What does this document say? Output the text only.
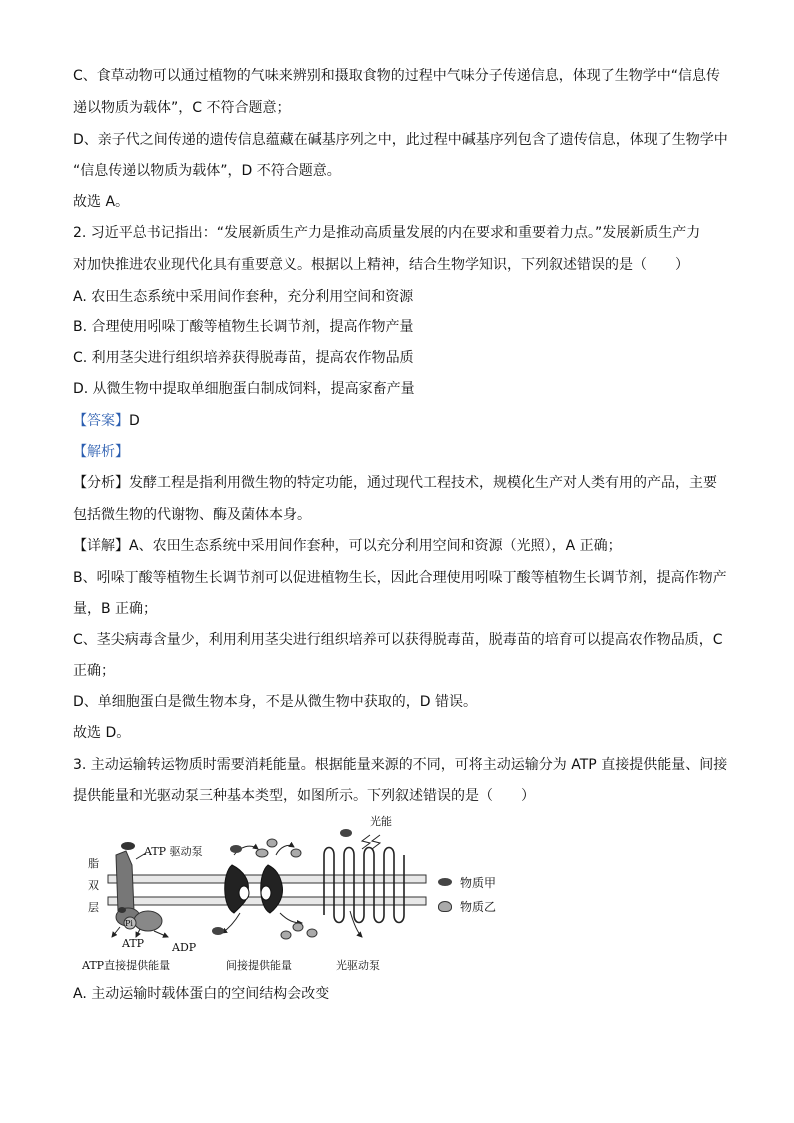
C、食草动物可以通过植物的气味来辨别和摄取食物的过程中气味分子传递信息，体现了生物学中“信息传
递以物质为载体”，C 不符合题意；
D、亲子代之间传递的遗传信息蕴藏在碱基序列之中，此过程中碱基序列包含了遗传信息，体现了生物学中
“信息传递以物质为载体”，D 不符合题意。
故选 A。
2. 习近平总书记指出：“发展新质生产力是推动高质量发展的内在要求和重要着力点。”发展新质生产力
对加快推进农业现代化具有重要意义。根据以上精神，结合生物学知识，下列叙述错误的是（　　）
A. 农田生态系统中采用间作套种，充分利用空间和资源
B. 合理使用吲哚丁酸等植物生长调节剂，提高作物产量
C. 利用茎尖进行组织培养获得脱毒苗，提高农作物品质
D. 从微生物中提取单细胞蛋白制成饲料，提高家畜产量
【答案】D
【解析】
【分析】发酵工程是指利用微生物的特定功能，通过现代工程技术，规模化生产对人类有用的产品，主要
包括微生物的代谢物、酶及菌体本身。
【详解】A、农田生态系统中采用间作套种，可以充分利用空间和资源（光照），A 正确；
B、吲哚丁酸等植物生长调节剂可以促进植物生长，因此合理使用吲哚丁酸等植物生长调节剂，提高作物产
量，B 正确；
C、茎尖病毒含量少，利用利用茎尖进行组织培养可以获得脱毒苗，脱毒苗的培育可以提高农作物品质，C
正确；
D、单细胞蛋白是微生物本身，不是从微生物中获取的，D 错误。
故选 D。
3. 主动运输转运物质时需要消耗能量。根据能量来源的不同，可将主动运输分为 ATP 直接提供能量、间接
提供能量和光驱动泵三种基本类型，如图所示。下列叙述错误的是（　　）
脂
双
层
ATP 驱动泵
Pi
ATP	ADP
光能
ATP直接提供能量	间接提供能量	光驱动泵
物质甲
物质乙
A. 主动运输时载体蛋白的空间结构会改变
